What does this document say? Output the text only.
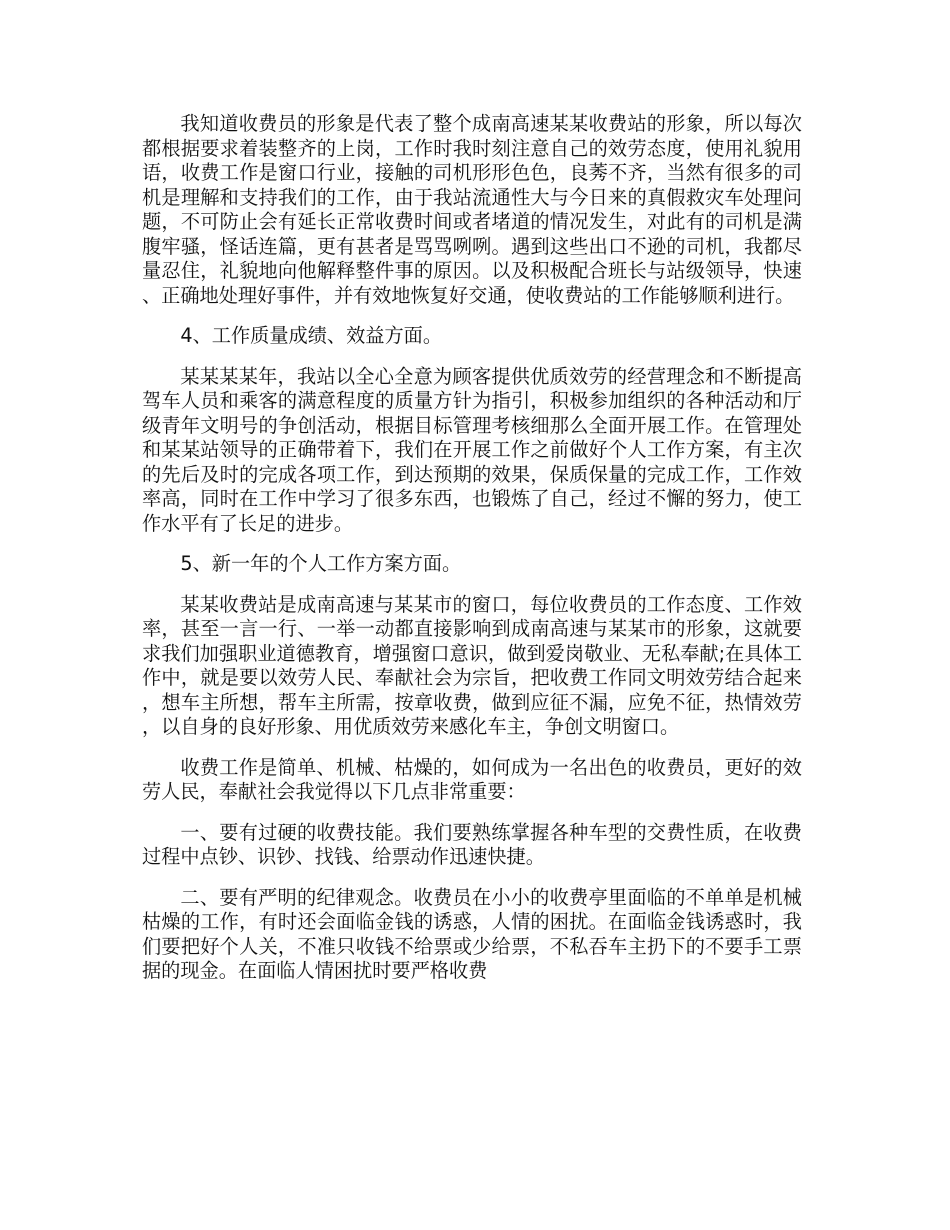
我知道收费员的形象是代表了整个成南高速某某收费站的形象，所以每次都根据要求着装整齐的上岗，工作时我时刻注意自己的效劳态度，使用礼貌用语，收费工作是窗口行业，接触的司机形形色色，良莠不齐，当然有很多的司机是理解和支持我们的工作，由于我站流通性大与今日来的真假救灾车处理问题，不可防止会有延长正常收费时间或者堵道的情况发生，对此有的司机是满腹牢骚，怪话连篇，更有甚者是骂骂咧咧。遇到这些出口不逊的司机，我都尽量忍住，礼貌地向他解释整件事的原因。以及积极配合班长与站级领导，快速、正确地处理好事件，并有效地恢复好交通，使收费站的工作能够顺利进行。

4、工作质量成绩、效益方面。

某某某某年，我站以全心全意为顾客提供优质效劳的经营理念和不断提高驾车人员和乘客的满意程度的质量方针为指引，积极参加组织的各种活动和厅级青年文明号的争创活动，根据目标管理考核细那么全面开展工作。在管理处和某某站领导的正确带着下，我们在开展工作之前做好个人工作方案，有主次的先后及时的完成各项工作，到达预期的效果，保质保量的完成工作，工作效率高，同时在工作中学习了很多东西，也锻炼了自己，经过不懈的努力，使工作水平有了长足的进步。

5、新一年的个人工作方案方面。

某某收费站是成南高速与某某市的窗口，每位收费员的工作态度、工作效率，甚至一言一行、一举一动都直接影响到成南高速与某某市的形象，这就要求我们加强职业道德教育，增强窗口意识，做到爱岗敬业、无私奉献;在具体工作中，就是要以效劳人民、奉献社会为宗旨，把收费工作同文明效劳结合起来，想车主所想，帮车主所需，按章收费，做到应征不漏，应免不征，热情效劳，以自身的良好形象、用优质效劳来感化车主，争创文明窗口。

收费工作是简单、机械、枯燥的，如何成为一名出色的收费员，更好的效劳人民，奉献社会我觉得以下几点非常重要：

一、要有过硬的收费技能。我们要熟练掌握各种车型的交费性质，在收费过程中点钞、识钞、找钱、给票动作迅速快捷。

二、要有严明的纪律观念。收费员在小小的收费亭里面临的不单单是机械枯燥的工作，有时还会面临金钱的诱惑，人情的困扰。在面临金钱诱惑时，我们要把好个人关，不准只收钱不给票或少给票，不私吞车主扔下的不要手工票据的现金。在面临人情困扰时要严格收费
